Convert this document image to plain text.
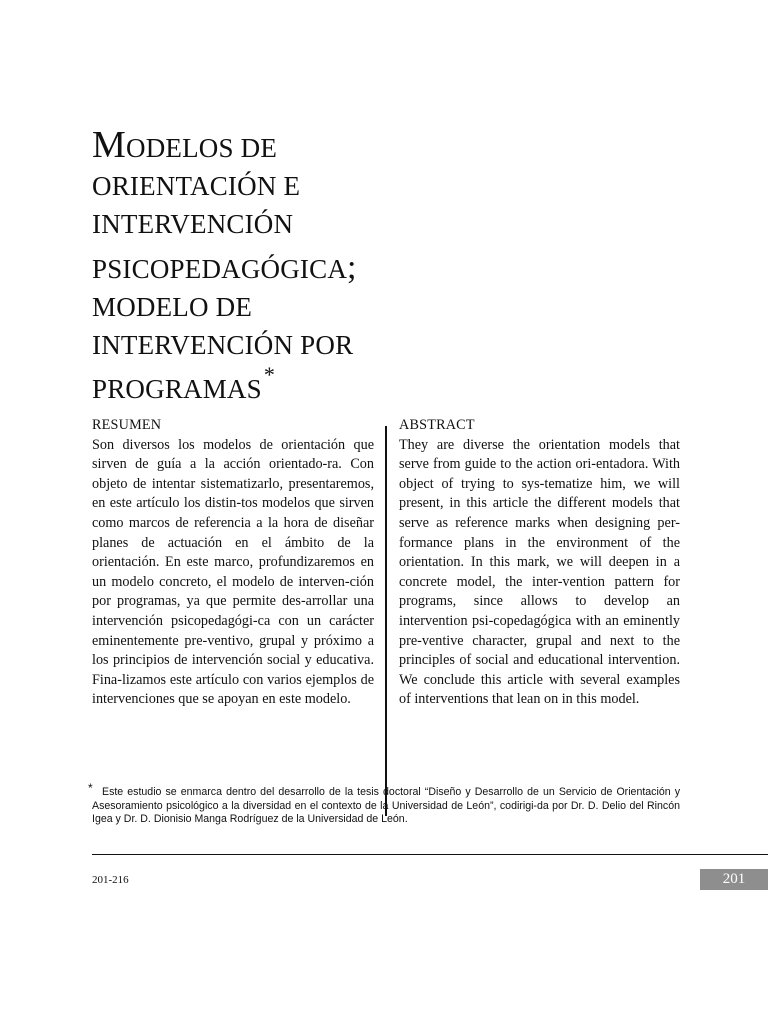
MODELOS DE
ORIENTACIÓN E
INTERVENCIÓN
PSICOPEDAGÓGICA;
MODELO DE
INTERVENCIÓN POR
PROGRAMAS*
RESUMEN

Son diversos los modelos de orientación que sirven de guía a la acción orientado-ra. Con objeto de intentar sistematizarlo, presentaremos, en este artículo los distin-tos modelos que sirven como marcos de referencia a la hora de diseñar planes de actuación en el ámbito de la orientación. En este marco, profundizaremos en un modelo concreto, el modelo de interven-ción por programas, ya que permite des-arrollar una intervención psicopedagógi-ca con un carácter eminentemente pre-ventivo, grupal y próximo a los principios de intervención social y educativa. Fina-lizamos este artículo con varios ejemplos de intervenciones que se apoyan en este modelo.

ABSTRACT

They are diverse the orientation models that serve from guide to the action ori-entadora. With object of trying to sys-tematize him, we will present, in this article the different models that serve as reference marks when designing per-formance plans in the environment of the orientation. In this mark, we will deepen in a concrete model, the inter-vention pattern for programs, since allows to develop an intervention psi-copedagógica with an eminently pre-ventive character, grupal and next to the principles of social and educational intervention. We conclude this article with several examples of interventions that lean on in this model.

* Este estudio se enmarca dentro del desarrollo de la tesis doctoral “Diseño y Desarrollo de un Servicio de Orientación y Asesoramiento psicológico a la diversidad en el contexto de la Universidad de León”, codirigi-da por Dr. D. Delio del Rincón Igea y Dr. D. Dionisio Manga Rodríguez de la Universidad de León.
201-216	201
